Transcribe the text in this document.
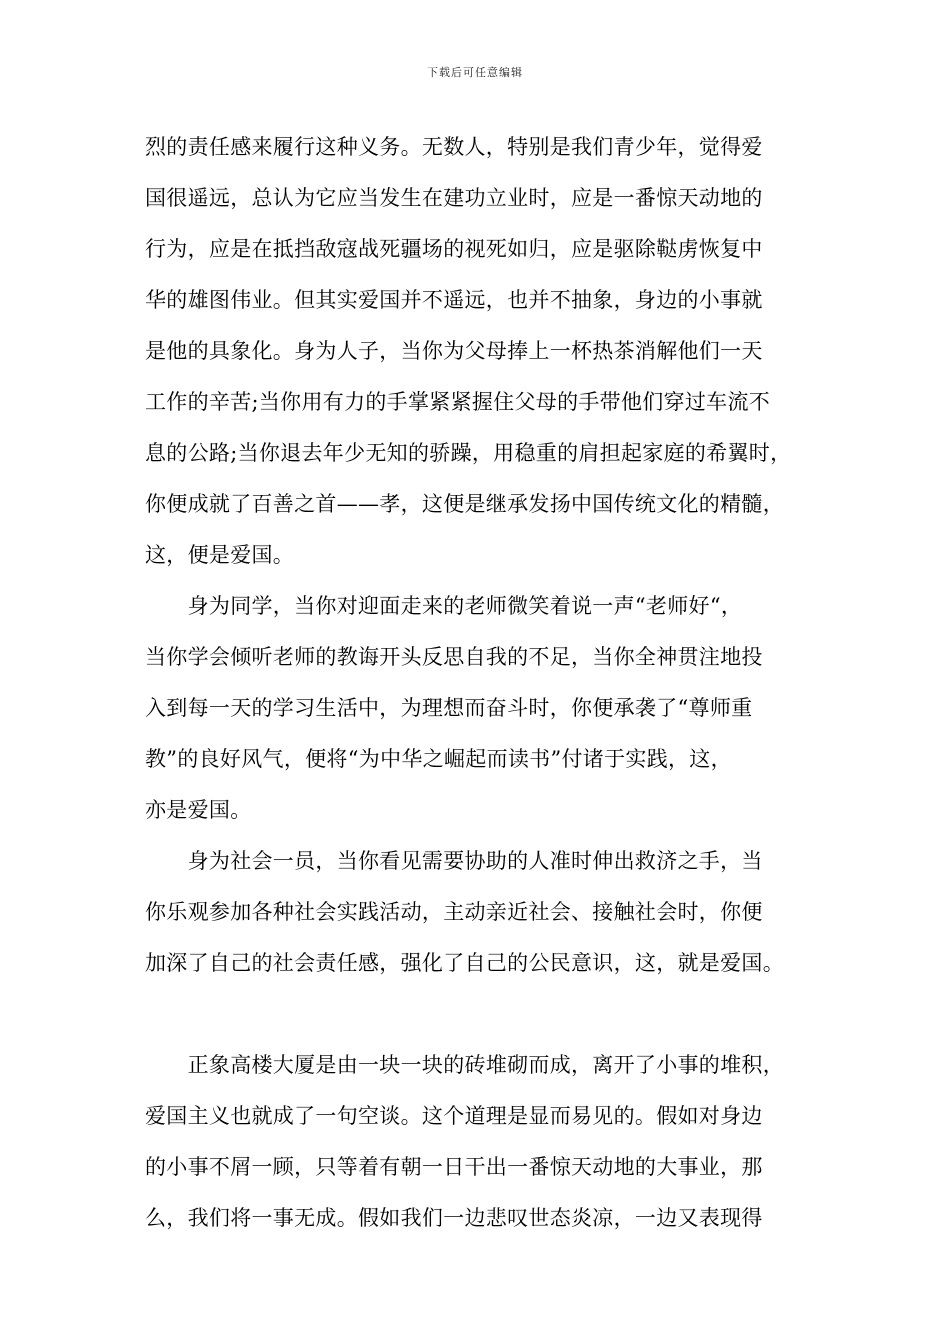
下载后可任意编辑
烈的责任感来履行这种义务。无数人，特别是我们青少年，觉得爱
国很遥远，总认为它应当发生在建功立业时，应是一番惊天动地的
行为，应是在抵挡敌寇战死疆场的视死如归，应是驱除鞑虏恢复中
华的雄图伟业。但其实爱国并不遥远，也并不抽象，身边的小事就
是他的具象化。身为人子，当你为父母捧上一杯热茶消解他们一天
工作的辛苦;当你用有力的手掌紧紧握住父母的手带他们穿过车流不
息的公路;当你退去年少无知的骄躁，用稳重的肩担起家庭的希翼时，
你便成就了百善之首——孝，这便是继承发扬中国传统文化的精髓，
这，便是爱国。
　　身为同学，当你对迎面走来的老师微笑着说一声“老师好“，
当你学会倾听老师的教诲开头反思自我的不足，当你全神贯注地投
入到每一天的学习生活中，为理想而奋斗时，你便承袭了“尊师重
教”的良好风气，便将“为中华之崛起而读书”付诸于实践，这，
亦是爱国。
　　身为社会一员，当你看见需要协助的人准时伸出救济之手，当
你乐观参加各种社会实践活动，主动亲近社会、接触社会时，你便
加深了自己的社会责任感，强化了自己的公民意识，这，就是爱国。
　　正象高楼大厦是由一块一块的砖堆砌而成，离开了小事的堆积，
爱国主义也就成了一句空谈。这个道理是显而易见的。假如对身边
的小事不屑一顾，只等着有朝一日干出一番惊天动地的大事业，那
么，我们将一事无成。假如我们一边悲叹世态炎凉，一边又表现得
